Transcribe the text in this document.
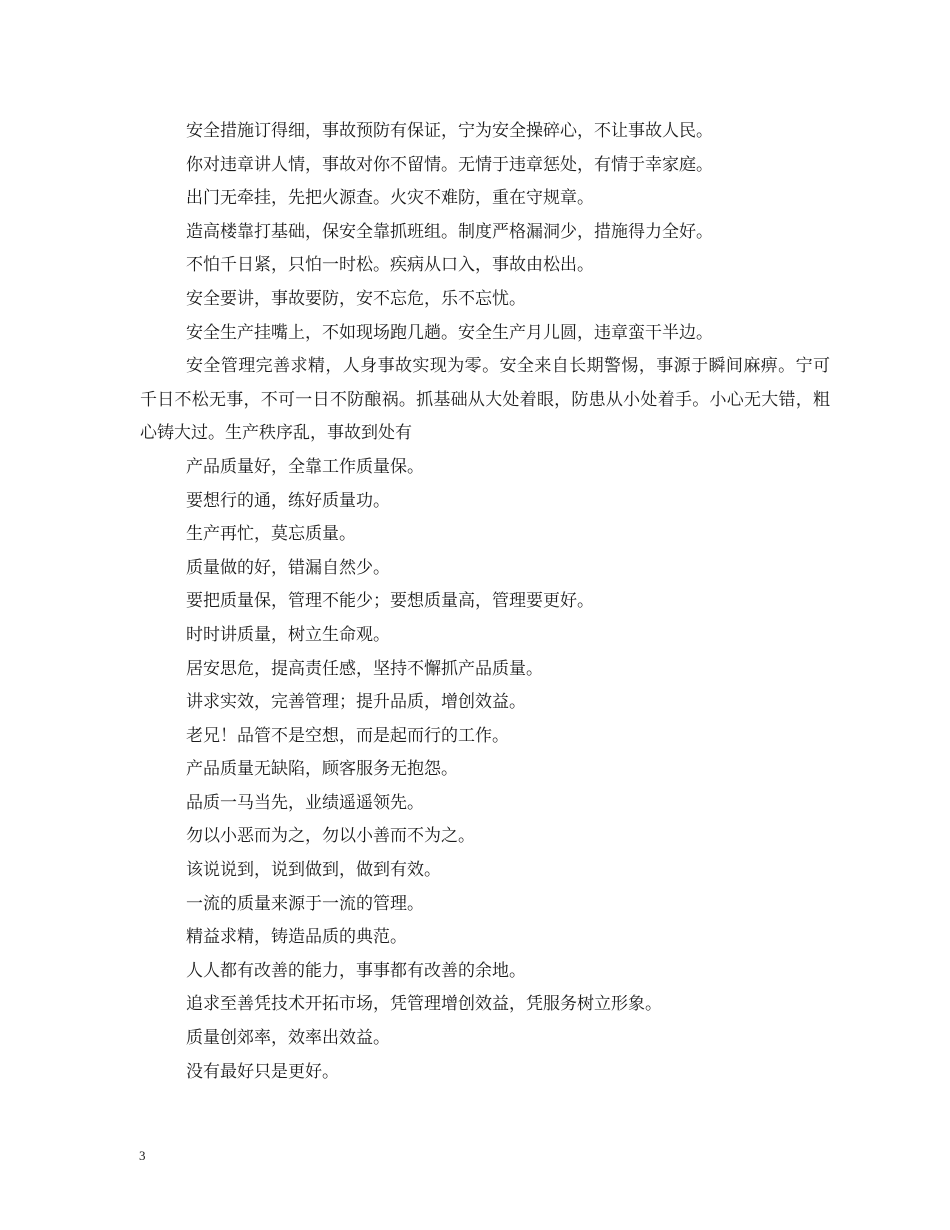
安全措施订得细，事故预防有保证，宁为安全操碎心，不让事故人民。

你对违章讲人情，事故对你不留情。无情于违章惩处，有情于幸家庭。

出门无牵挂，先把火源查。火灾不难防，重在守规章。

造高楼靠打基础，保安全靠抓班组。制度严格漏洞少，措施得力全好。

不怕千日紧，只怕一时松。疾病从口入，事故由松出。

安全要讲，事故要防，安不忘危，乐不忘忧。

安全生产挂嘴上，不如现场跑几趟。安全生产月儿圆，违章蛮干半边。

安全管理完善求精，人身事故实现为零。安全来自长期警惕，事源于瞬间麻痹。宁可千日不松无事，不可一日不防酿祸。抓基础从大处着眼，防患从小处着手。小心无大错，粗心铸大过。生产秩序乱，事故到处有

产品质量好，全靠工作质量保。

要想行的通，练好质量功。

生产再忙，莫忘质量。

质量做的好，错漏自然少。

要把质量保，管理不能少；要想质量高，管理要更好。

时时讲质量，树立生命观。

居安思危，提高责任感，坚持不懈抓产品质量。

讲求实效，完善管理；提升品质，增创效益。

老兄！品管不是空想，而是起而行的工作。

产品质量无缺陷，顾客服务无抱怨。

品质一马当先，业绩遥遥领先。

勿以小恶而为之，勿以小善而不为之。

该说说到，说到做到，做到有效。

一流的质量来源于一流的管理。

精益求精，铸造品质的典范。

人人都有改善的能力，事事都有改善的余地。

追求至善凭技术开拓市场，凭管理增创效益，凭服务树立形象。

质量创郊率，效率出效益。

没有最好只是更好。

3
